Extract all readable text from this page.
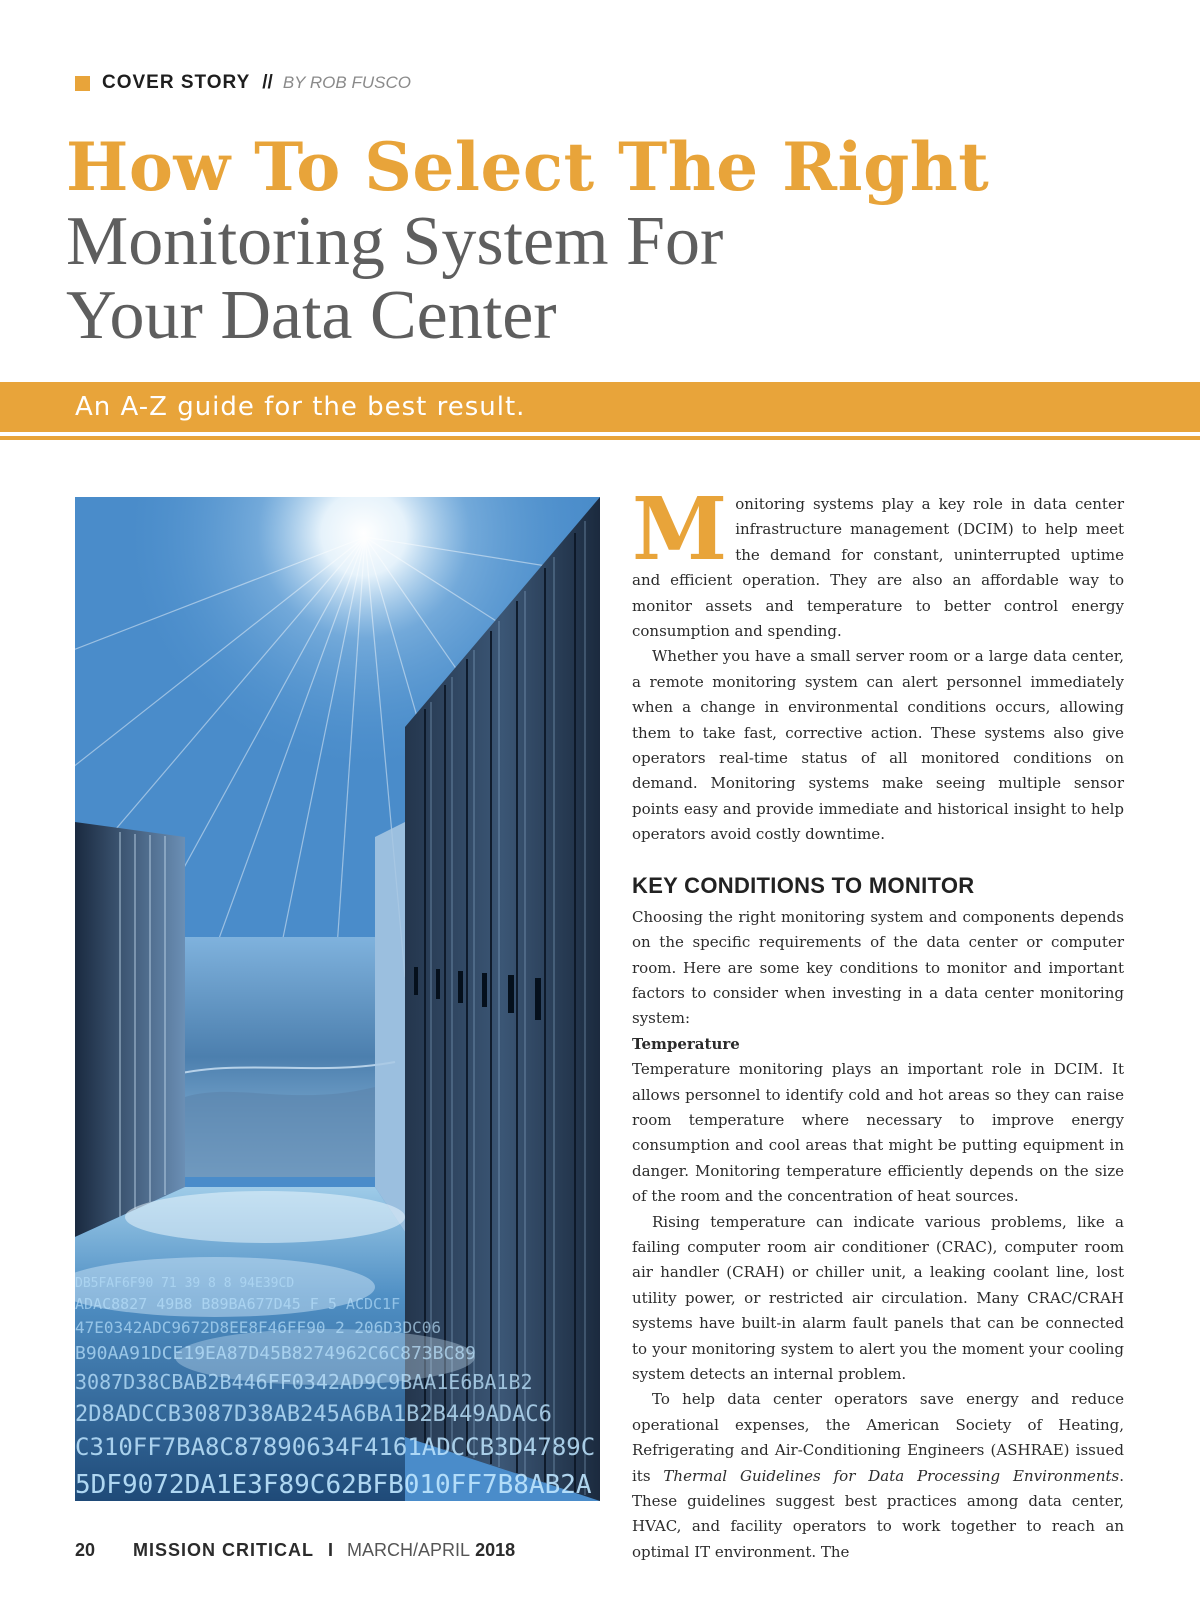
COVER STORY // BY ROB FUSCO
How To Select The Right
Monitoring System For
Your Data Center
An A-Z guide for the best result.
DB5FAF6F90 71 39 8 8 94E39CD
ADAC8827 49B8 B89BA677D45 F 5 ACDC1F
47E0342ADC9672D8EE8F46FF90 2 206D3DC06
B90AA91DCE19EA87D45B8274962C6C873BC89
3087D38CBAB2B446FF0342AD9C9BAA1E6BA1B2
2D8ADCCB3087D38AB245A6BA1B2B449ADAC6
C310FF7BA8C87890634F4161ADCCB3D4789C
5DF9072DA1E3F89C62BFB010FF7B8AB2A

Monitoring systems play a key role in data center infrastructure management (DCIM) to help meet the demand for constant, uninterrupted uptime and efficient operation. They are also an affordable way to monitor assets and temperature to better control energy consumption and spending.

Whether you have a small server room or a large data center, a remote monitoring system can alert personnel immediately when a change in environmental conditions occurs, allowing them to take fast, corrective action. These systems also give operators real-time status of all monitored conditions on demand. Monitoring systems make seeing multiple sensor points easy and provide immediate and historical insight to help operators avoid costly downtime.

KEY CONDITIONS TO MONITOR

Choosing the right monitoring system and components depends on the specific requirements of the data center or computer room. Here are some key conditions to monitor and important factors to consider when investing in a data center monitoring system:

Temperature

Temperature monitoring plays an important role in DCIM. It allows personnel to identify cold and hot areas so they can raise room temperature where necessary to improve energy consumption and cool areas that might be putting equipment in danger. Monitoring temperature efficiently depends on the size of the room and the concentration of heat sources.

Rising temperature can indicate various problems, like a failing computer room air conditioner (CRAC), computer room air handler (CRAH) or chiller unit, a leaking coolant line, lost utility power, or restricted air circulation. Many CRAC/CRAH systems have built-in alarm fault panels that can be connected to your monitoring system to alert you the moment your cooling system detects an internal problem.

To help data center operators save energy and reduce operational expenses, the American Society of Heating, Refrigerating and Air-Conditioning Engineers (ASHRAE) issued its Thermal Guidelines for Data Processing Environments. These guidelines suggest best practices among data center, HVAC, and facility operators to work together to reach an optimal IT environment. The

20 MISSION CRITICAL I MARCH/APRIL 2018
